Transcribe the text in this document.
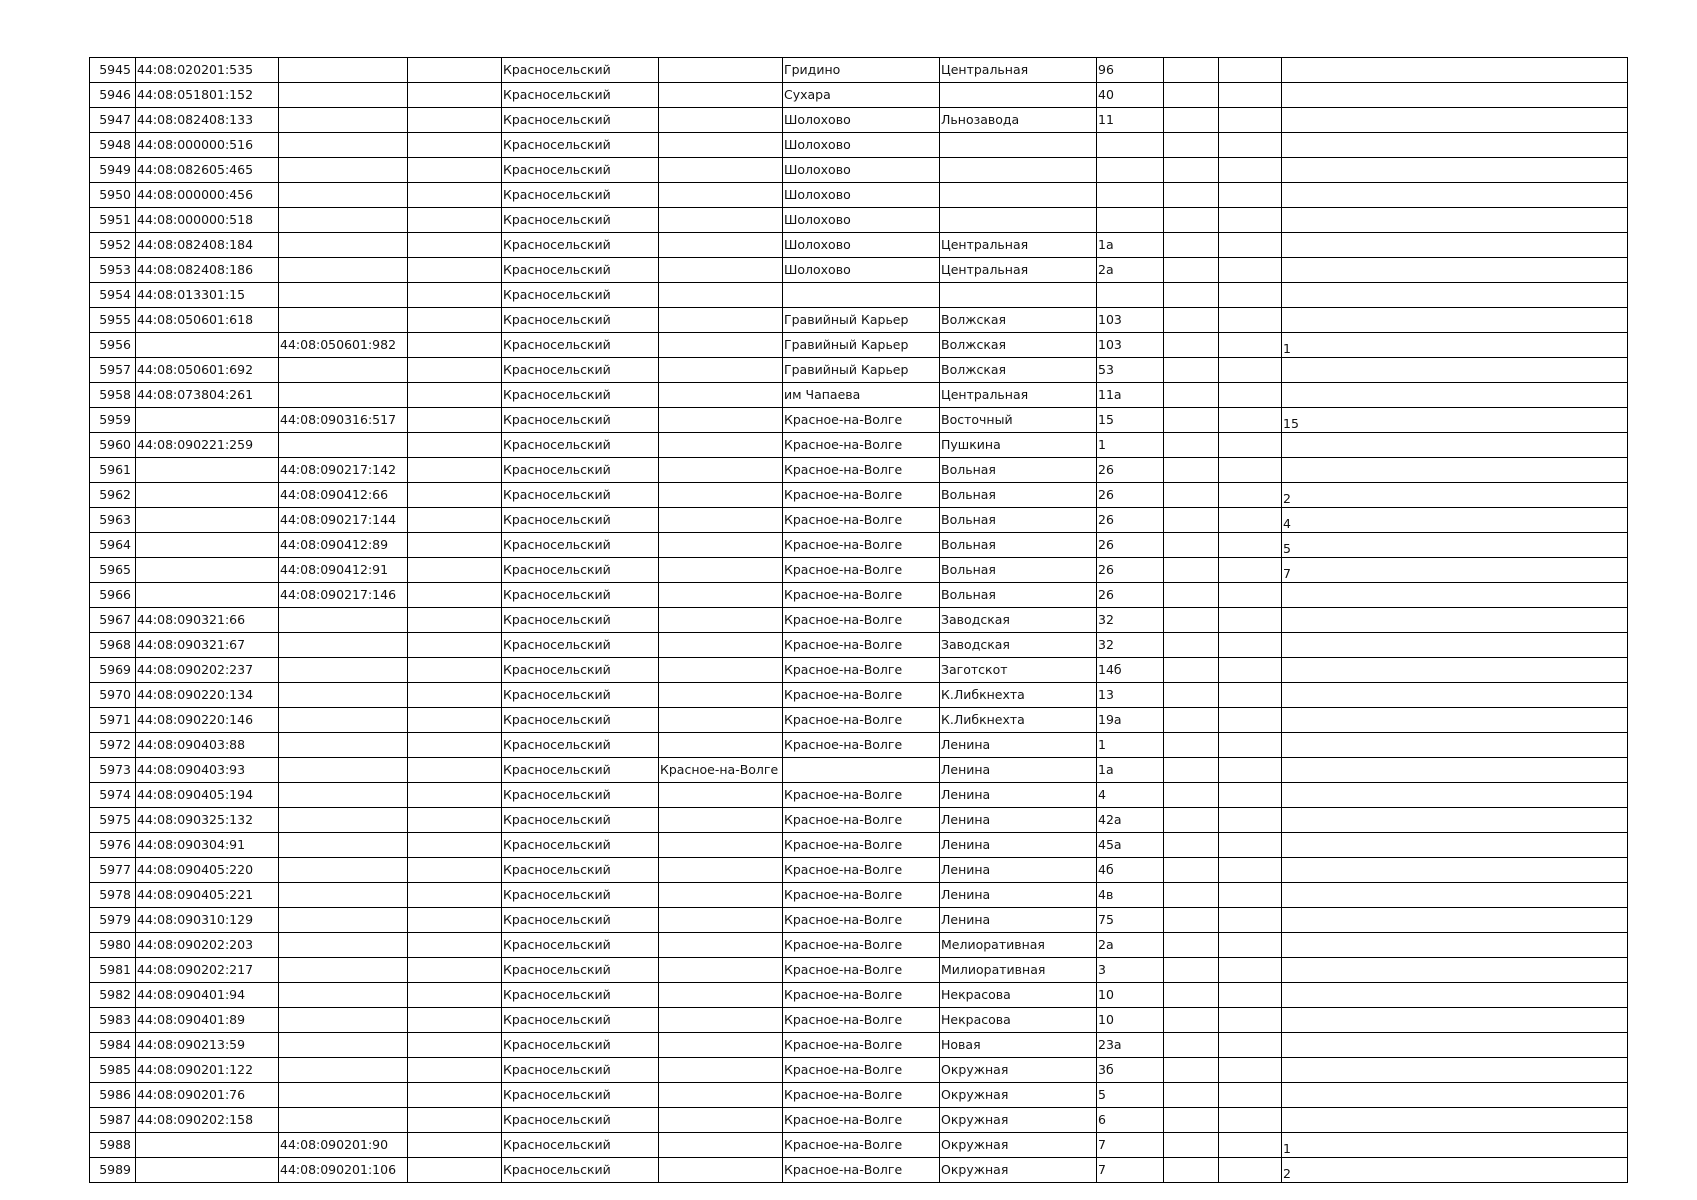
5945	44:08:020201:535			Красносельский		Гридино	Центральная	96			
5946	44:08:051801:152			Красносельский		Сухара		40			
5947	44:08:082408:133			Красносельский		Шолохово	Льнозавода	11			
5948	44:08:000000:516			Красносельский		Шолохово					
5949	44:08:082605:465			Красносельский		Шолохово					
5950	44:08:000000:456			Красносельский		Шолохово					
5951	44:08:000000:518			Красносельский		Шолохово					
5952	44:08:082408:184			Красносельский		Шолохово	Центральная	1а			
5953	44:08:082408:186			Красносельский		Шолохово	Центральная	2а			
5954	44:08:013301:15			Красносельский							
5955	44:08:050601:618			Красносельский		Гравийный Карьер	Волжская	103			
5956		44:08:050601:982		Красносельский		Гравийный Карьер	Волжская	103			1
5957	44:08:050601:692			Красносельский		Гравийный Карьер	Волжская	53			
5958	44:08:073804:261			Красносельский		им Чапаева	Центральная	11а			
5959		44:08:090316:517		Красносельский		Красное-на-Волге	Восточный	15			15
5960	44:08:090221:259			Красносельский		Красное-на-Волге	Пушкина	1			
5961		44:08:090217:142		Красносельский		Красное-на-Волге	Вольная	26			
5962		44:08:090412:66		Красносельский		Красное-на-Волге	Вольная	26			2
5963		44:08:090217:144		Красносельский		Красное-на-Волге	Вольная	26			4
5964		44:08:090412:89		Красносельский		Красное-на-Волге	Вольная	26			5
5965		44:08:090412:91		Красносельский		Красное-на-Волге	Вольная	26			7
5966		44:08:090217:146		Красносельский		Красное-на-Волге	Вольная	26			
5967	44:08:090321:66			Красносельский		Красное-на-Волге	Заводская	32			
5968	44:08:090321:67			Красносельский		Красное-на-Волге	Заводская	32			
5969	44:08:090202:237			Красносельский		Красное-на-Волге	Заготскот	14б			
5970	44:08:090220:134			Красносельский		Красное-на-Волге	К.Либкнехта	13			
5971	44:08:090220:146			Красносельский		Красное-на-Волге	К.Либкнехта	19а			
5972	44:08:090403:88			Красносельский		Красное-на-Волге	Ленина	1			
5973	44:08:090403:93			Красносельский	Красное-на-Волге		Ленина	1а			
5974	44:08:090405:194			Красносельский		Красное-на-Волге	Ленина	4			
5975	44:08:090325:132			Красносельский		Красное-на-Волге	Ленина	42а			
5976	44:08:090304:91			Красносельский		Красное-на-Волге	Ленина	45а			
5977	44:08:090405:220			Красносельский		Красное-на-Волге	Ленина	4б			
5978	44:08:090405:221			Красносельский		Красное-на-Волге	Ленина	4в			
5979	44:08:090310:129			Красносельский		Красное-на-Волге	Ленина	75			
5980	44:08:090202:203			Красносельский		Красное-на-Волге	Мелиоративная	2а			
5981	44:08:090202:217			Красносельский		Красное-на-Волге	Милиоративная	3			
5982	44:08:090401:94			Красносельский		Красное-на-Волге	Некрасова	10			
5983	44:08:090401:89			Красносельский		Красное-на-Волге	Некрасова	10			
5984	44:08:090213:59			Красносельский		Красное-на-Волге	Новая	23а			
5985	44:08:090201:122			Красносельский		Красное-на-Волге	Окружная	3б			
5986	44:08:090201:76			Красносельский		Красное-на-Волге	Окружная	5			
5987	44:08:090202:158			Красносельский		Красное-на-Волге	Окружная	6			
5988		44:08:090201:90		Красносельский		Красное-на-Волге	Окружная	7			1
5989		44:08:090201:106		Красносельский		Красное-на-Волге	Окружная	7			2
